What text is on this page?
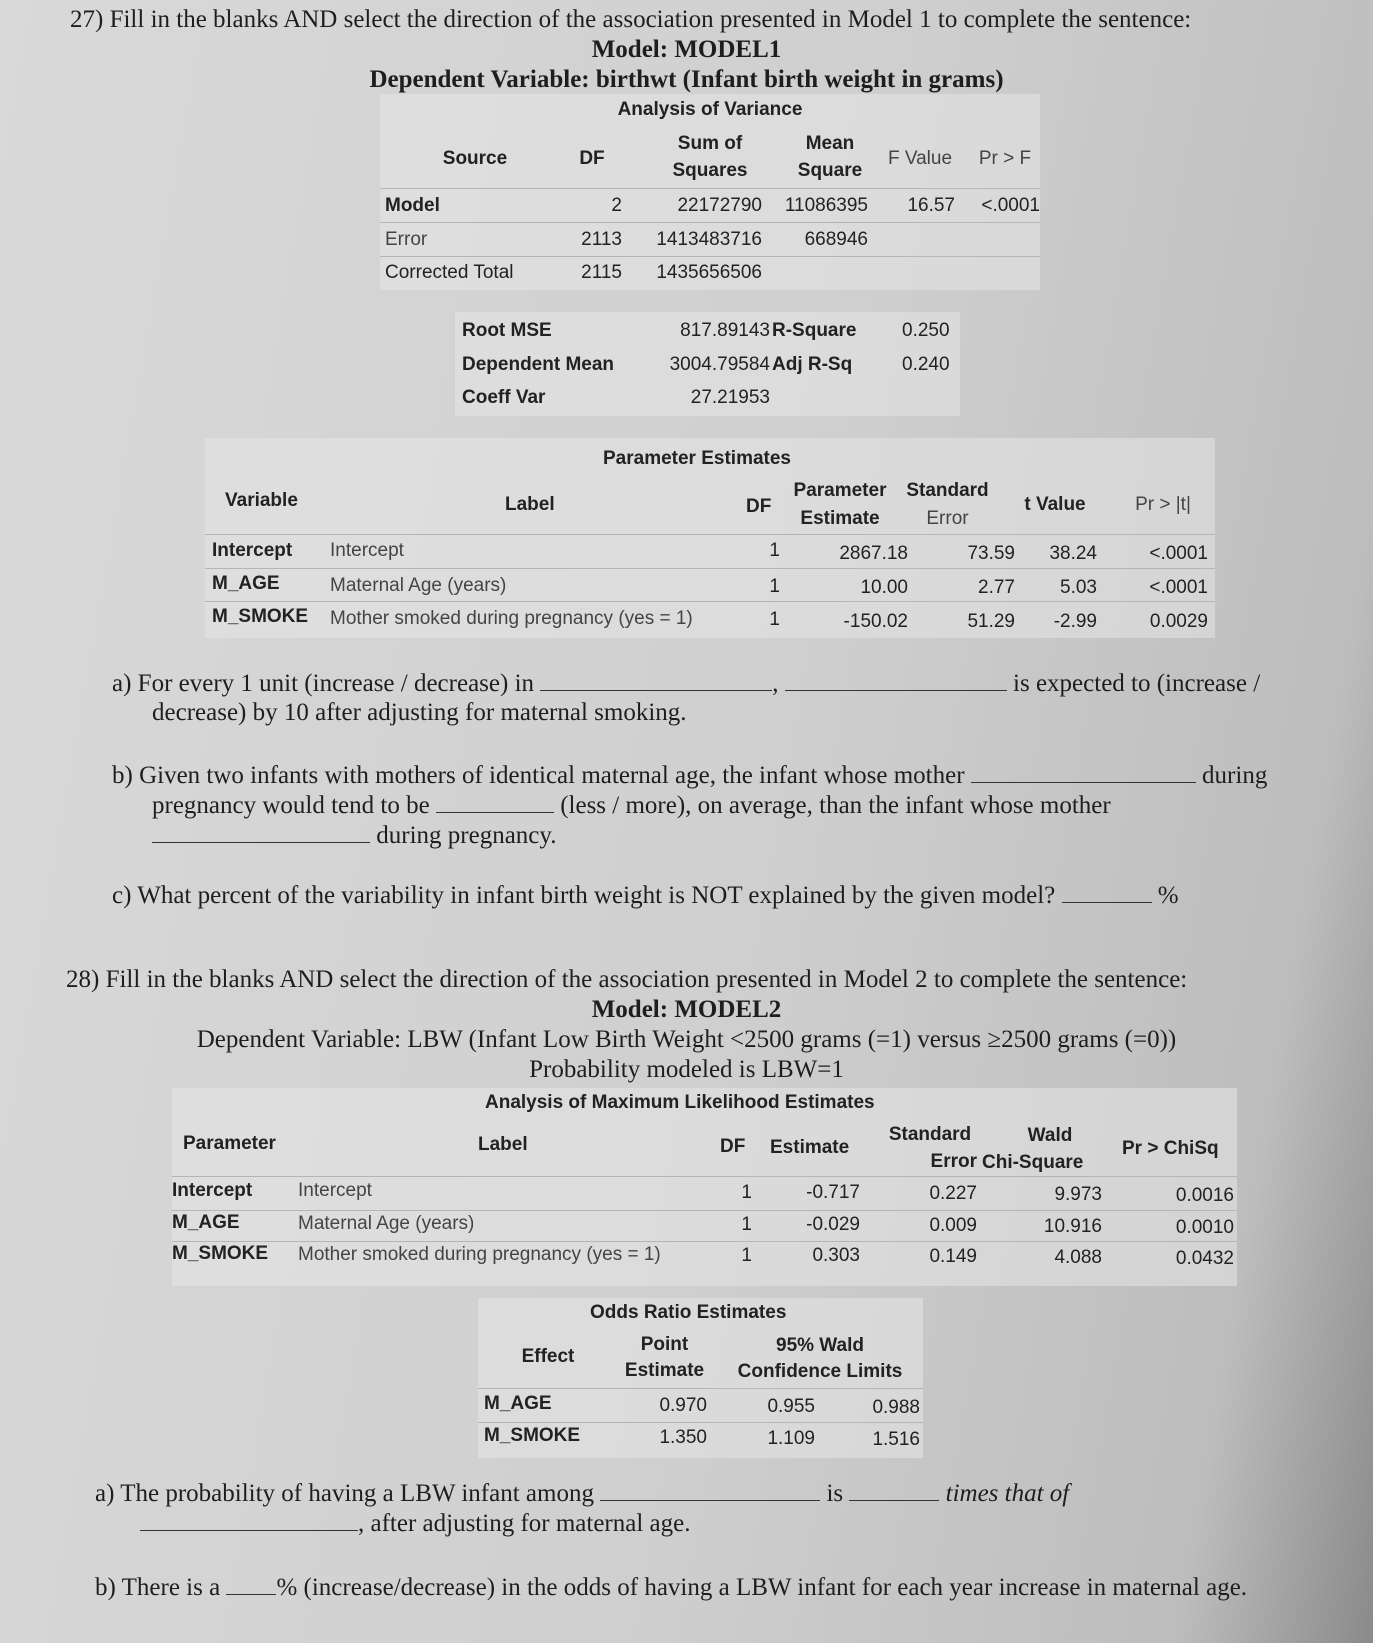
27) Fill in the blanks AND select the direction of the association presented in Model 1 to complete the sentence:
Model: MODEL1
Dependent Variable: birthwt (Infant birth weight in grams)
Analysis of Variance
Source	DF
Sum of
Squares
Mean
Square
F Value	Pr > F
Model	2	22172790	11086395	16.57	<.0001
Error	2113	1413483716	668946
Corrected Total	2115	1435656506
Root MSE	817.89143 R-Square 0.250
Dependent Mean	3004.79584 Adj R-Sq	0.240
Coeff Var	27.21953
Parameter Estimates
Variable	Label	DF
Parameter
Estimate
Standard
Error
t Value	Pr > |t|
Intercept Intercept	1	2867.18	73.59	38.24	<.0001
M_AGE	Maternal Age (years)	1	10.00	2.77	5.03	<.0001
M_SMOKE Mother smoked during pregnancy (yes = 1)	1	-150.02	51.29	-2.99	0.0029
a) For every 1 unit (increase / decrease) in	,	is expected to (increase /
decrease) by 10 after adjusting for maternal smoking.
b) Given two infants with mothers of identical maternal age, the infant whose mother	during
pregnancy would tend to be	(less / more), on average, than the infant whose mother
during pregnancy.
c) What percent of the variability in infant birth weight is NOT explained by the given model?	%
28) Fill in the blanks AND select the direction of the association presented in Model 2 to complete the sentence:
Model: MODEL2
Dependent Variable: LBW (Infant Low Birth Weight <2500 grams (=1) versus ≥2500 grams (=0))
Probability modeled is LBW=1
Analysis of Maximum Likelihood Estimates
Parameter	Label	DF Estimate
Standard
Error
Wald
Chi-Square
Pr > ChiSq
Intercept Intercept	1	-0.717	0.227	9.973	0.0016
M_AGE	Maternal Age (years)	1	-0.029	0.009	10.916	0.0010
M_SMOKE Mother smoked during pregnancy (yes = 1)	1	0.303	0.149	4.088	0.0432
Odds Ratio Estimates
Effect
Point
Estimate
95% Wald
Confidence Limits
M_AGE	0.970	0.955	0.988
M_SMOKE	1.350	1.109	1.516
a) The probability of having a LBW infant among	is	times that of
, after adjusting for maternal age.
b) There is a % (increase/decrease) in the odds of having a LBW infant for each year increase in maternal age.
